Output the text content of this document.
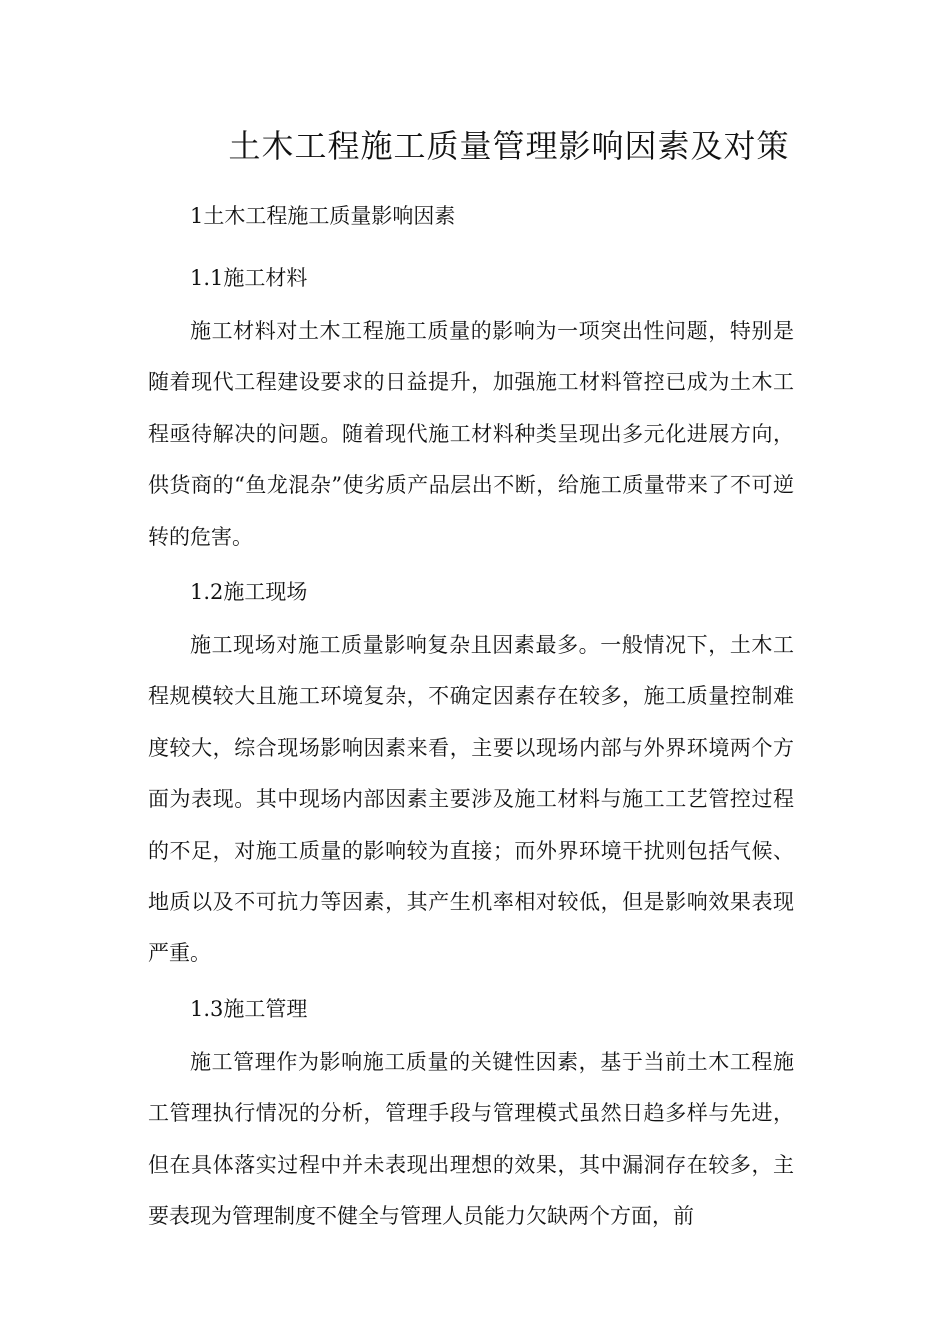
土木工程施工质量管理影响因素及对策

1土木工程施工质量影响因素

1.1施工材料

施工材料对土木工程施工质量的影响为一项突出性问题，特别是随着现代工程建设要求的日益提升，加强施工材料管控已成为土木工程亟待解决的问题。随着现代施工材料种类呈现出多元化进展方向，供货商的“鱼龙混杂”使劣质产品层出不断，给施工质量带来了不可逆转的危害。

1.2施工现场

施工现场对施工质量影响复杂且因素最多。一般情况下，土木工程规模较大且施工环境复杂，不确定因素存在较多，施工质量控制难度较大，综合现场影响因素来看，主要以现场内部与外界环境两个方面为表现。其中现场内部因素主要涉及施工材料与施工工艺管控过程的不足，对施工质量的影响较为直接；而外界环境干扰则包括气候、地质以及不可抗力等因素，其产生机率相对较低，但是影响效果表现严重。

1.3施工管理

施工管理作为影响施工质量的关键性因素，基于当前土木工程施工管理执行情况的分析，管理手段与管理模式虽然日趋多样与先进，但在具体落实过程中并未表现出理想的效果，其中漏洞存在较多，主要表现为管理制度不健全与管理人员能力欠缺两个方面，前
